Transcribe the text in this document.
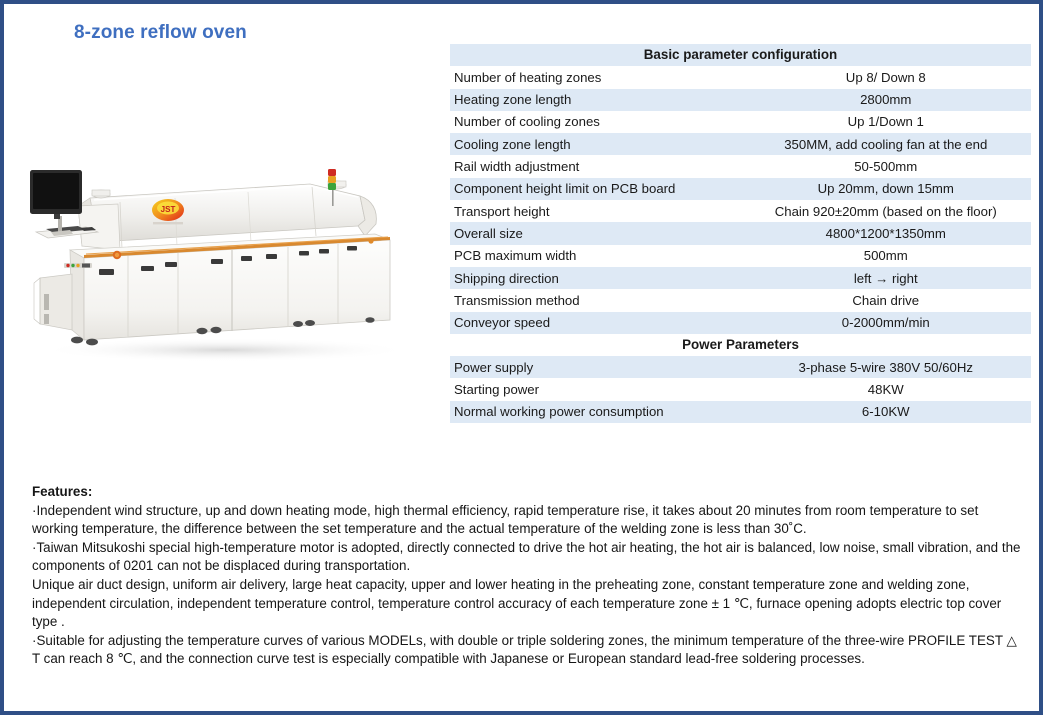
8-zone reflow oven
JST
Basic parameter configuration	
Number of heating zones	Up 8/ Down 8
Heating zone length	2800mm
Number of cooling zones	Up 1/Down 1
Cooling zone length	350MM, add cooling fan at the end
Rail width adjustment	50-500mm
Component height limit on PCB board	Up 20mm, down 15mm
Transport height	Chain 920±20mm (based on the floor)
Overall size	4800*1200*1350mm
PCB maximum width	500mm
Shipping direction	left → right
Transmission method	Chain drive
Conveyor speed	0-2000mm/min
Power Parameters	
Power supply	3-phase 5-wire 380V 50/60Hz
Starting power	48KW
Normal working power consumption	6-10KW
Features:

·Independent wind structure, up and down heating mode, high thermal efficiency, rapid temperature rise, it takes about 20 minutes from room temperature to set working temperature, the difference between the set temperature and the actual temperature of the welding zone is less than 30˚C.

·Taiwan Mitsukoshi special high-temperature motor is adopted, directly connected to drive the hot air heating, the hot air is balanced, low noise, small vibration, and the components of 0201 can not be displaced during transportation.

Unique air duct design, uniform air delivery, large heat capacity, upper and lower heating in the preheating zone, constant temperature zone and welding zone, independent circulation, independent temperature control, temperature control accuracy of each temperature zone ± 1 ℃, furnace opening adopts electric top cover type .

·Suitable for adjusting the temperature curves of various MODELs, with double or triple soldering zones, the minimum temperature of the three-wire PROFILE TEST △ T can reach 8 ℃, and the connection curve test is especially compatible with Japanese or European standard lead-free soldering processes.
